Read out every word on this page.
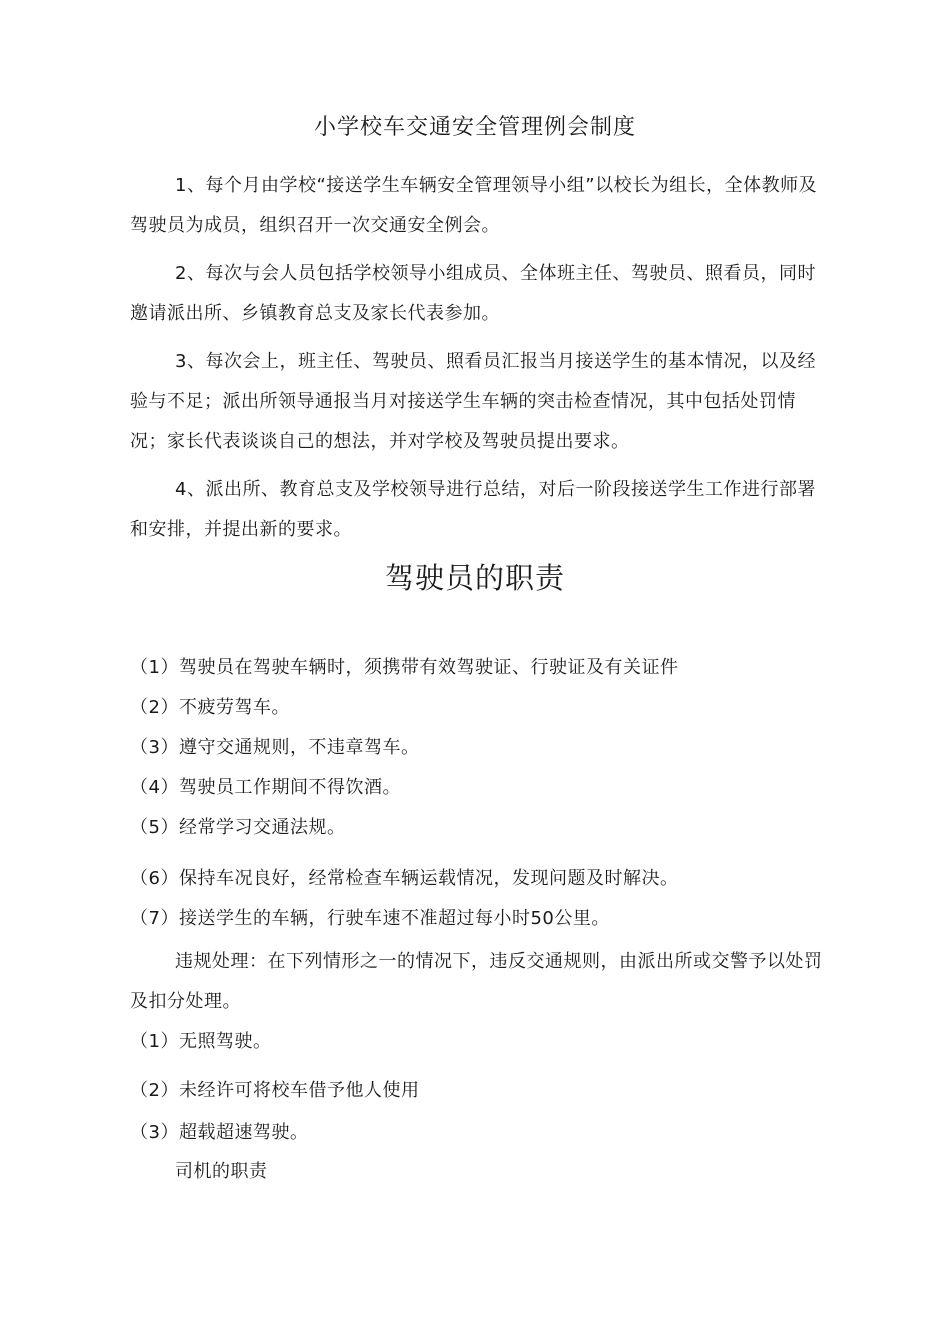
小学校车交通安全管理例会制度

1、每个月由学校“接送学生车辆安全管理领导小组”以校长为组长，全体教师及驾驶员为成员，组织召开一次交通安全例会。

2、每次与会人员包括学校领导小组成员、全体班主任、驾驶员、照看员，同时邀请派出所、乡镇教育总支及家长代表参加。

3、每次会上，班主任、驾驶员、照看员汇报当月接送学生的基本情况，以及经验与不足；派出所领导通报当月对接送学生车辆的突击检查情况，其中包括处罚情况；家长代表谈谈自己的想法，并对学校及驾驶员提出要求。

4、派出所、教育总支及学校领导进行总结，对后一阶段接送学生工作进行部署和安排，并提出新的要求。

驾驶员的职责
（1）驾驶员在驾驶车辆时，须携带有效驾驶证、行驶证及有关证件
（2）不疲劳驾车。
（3）遵守交通规则，不违章驾车。
（4）驾驶员工作期间不得饮酒。
（5）经常学习交通法规。
（6）保持车况良好，经常检查车辆运载情况，发现问题及时解决。
（7）接送学生的车辆，行驶车速不准超过每小时50公里。

违规处理：在下列情形之一的情况下，违反交通规则，由派出所或交警予以处罚及扣分处理。

（1）无照驾驶。
（2）未经许可将校车借予他人使用
（3）超载超速驾驶。
司机的职责
